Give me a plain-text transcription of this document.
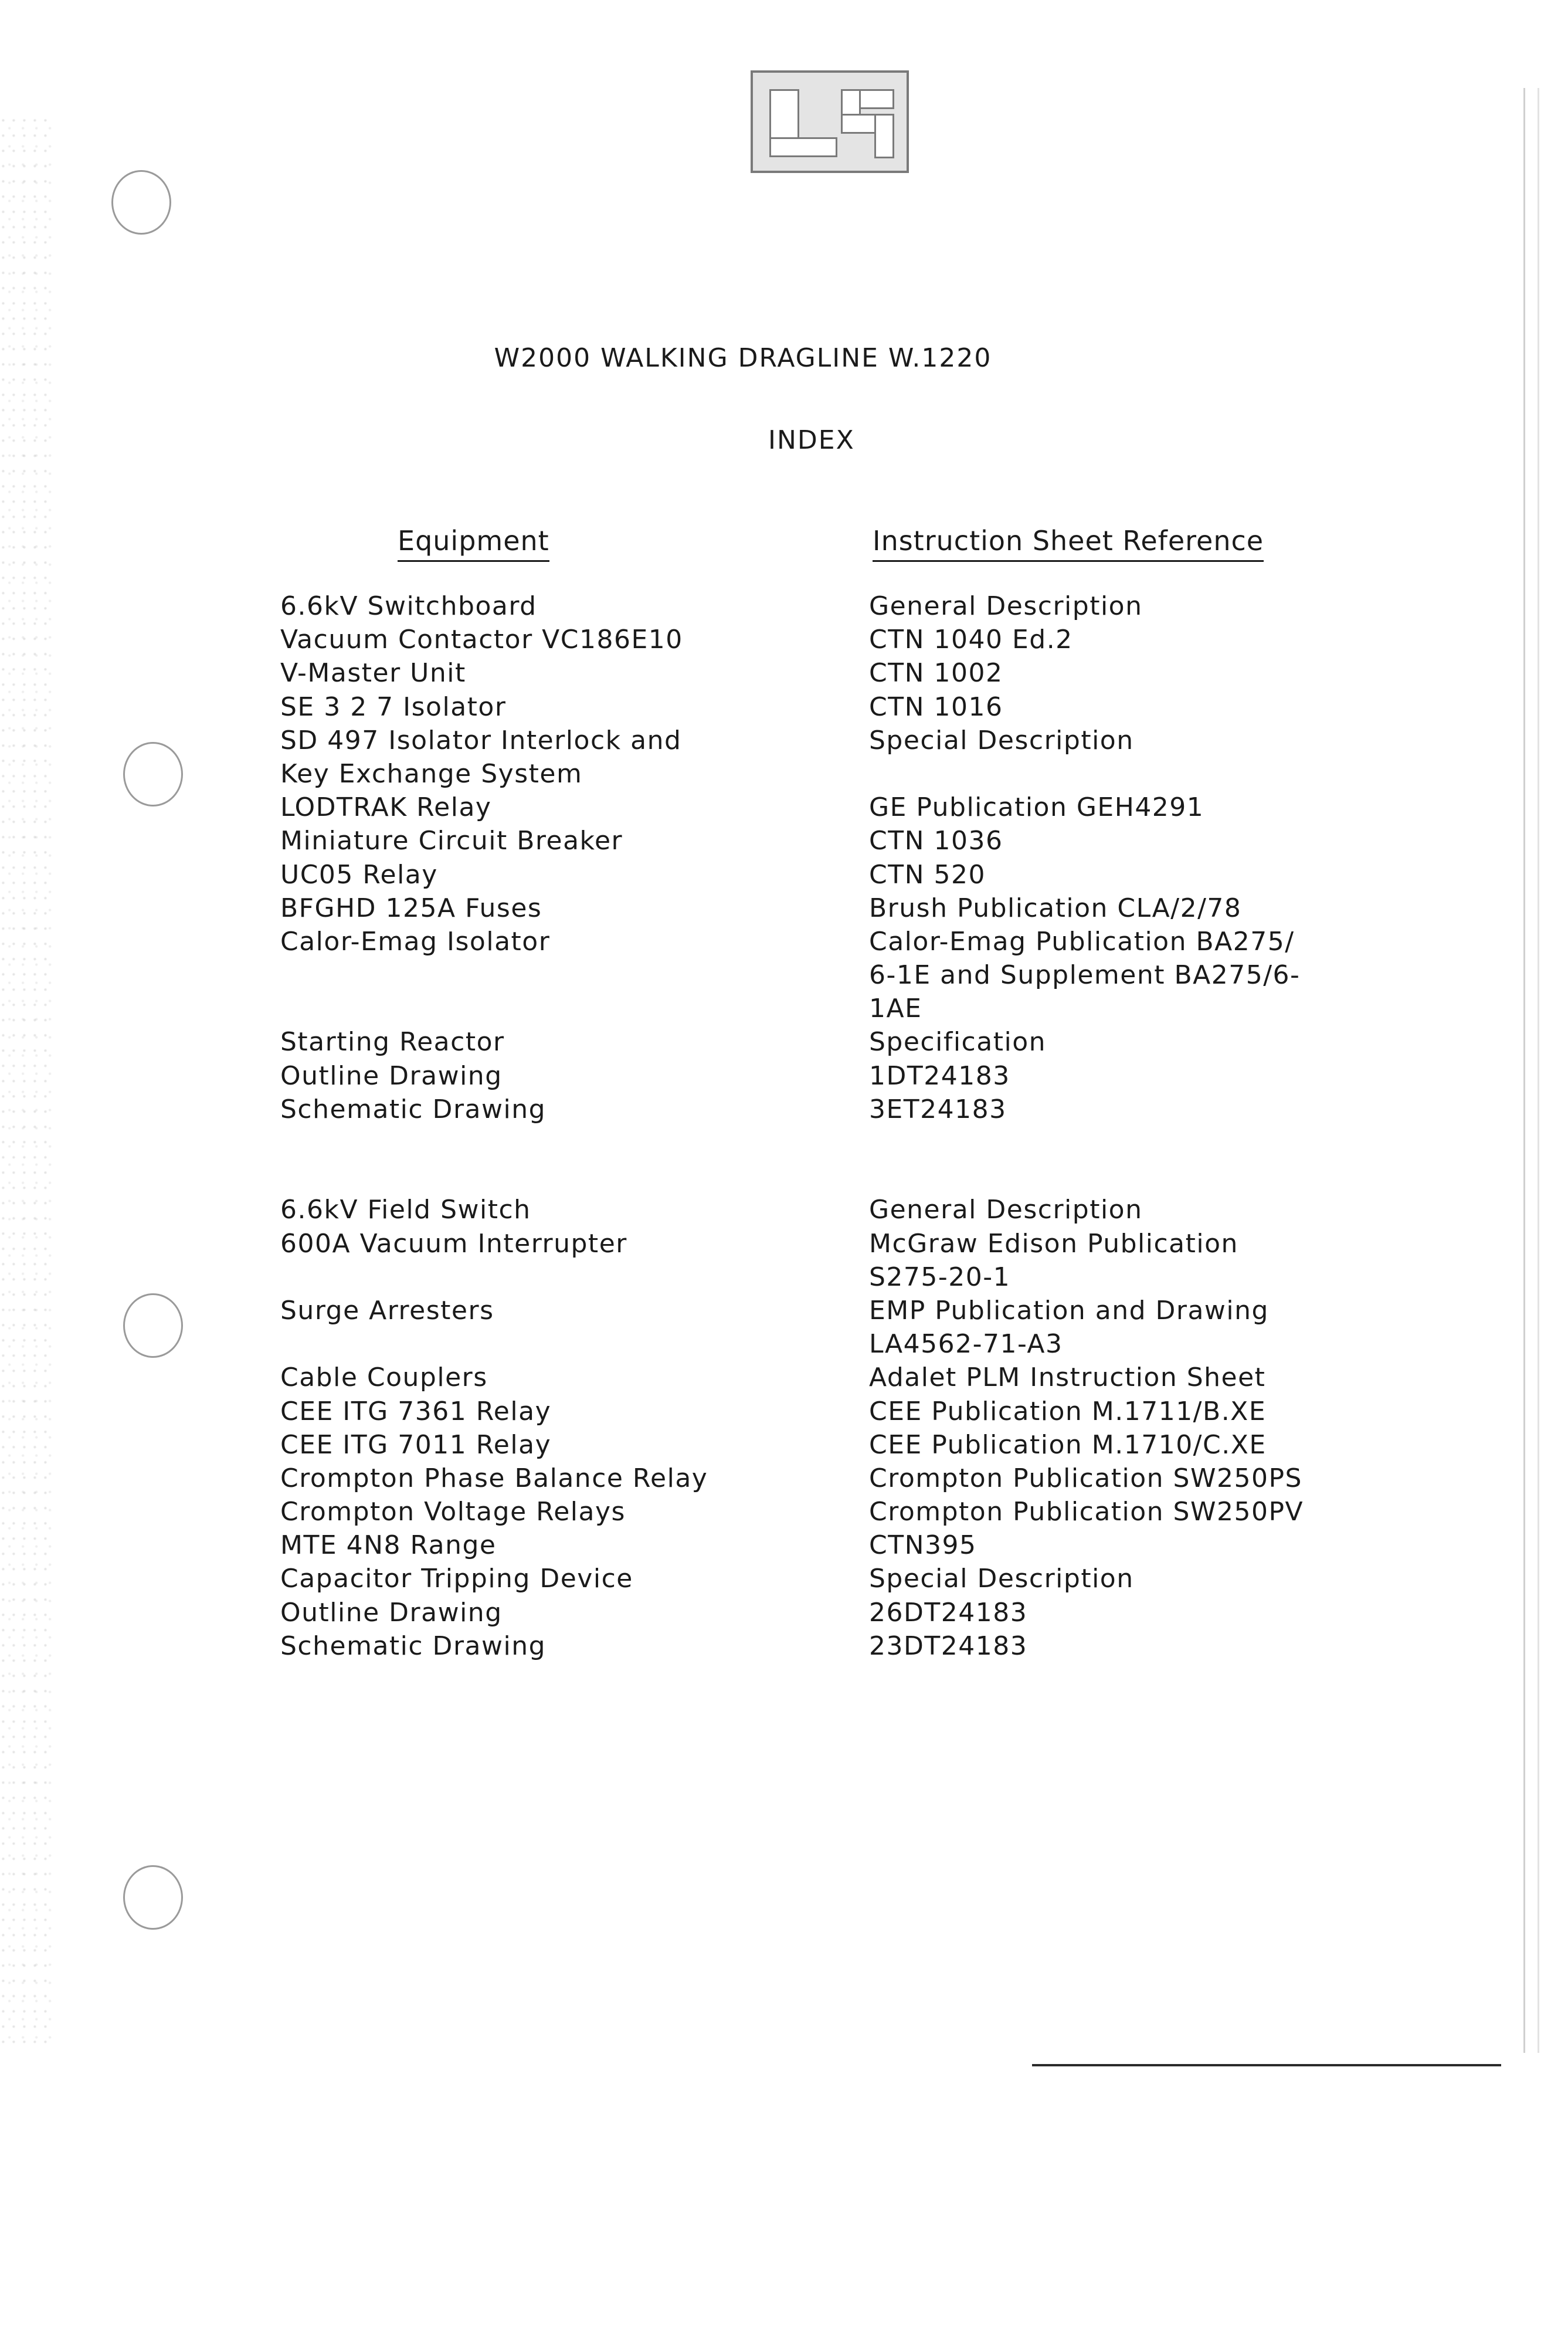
W2000 WALKING DRAGLINE W.1220
INDEX
Equipment	Instruction Sheet Reference
6.6kV Switchboard
Vacuum Contactor VC186E10
V-Master Unit
SE 3 2 7 Isolator
SD 497 Isolator Interlock and
Key Exchange System
LODTRAK Relay
Miniature Circuit Breaker
UC05 Relay
BFGHD 125A Fuses
Calor-Emag Isolator
Starting Reactor
Outline Drawing
Schematic Drawing
6.6kV Field Switch
600A Vacuum Interrupter
Surge Arresters
Cable Couplers
CEE ITG 7361 Relay
CEE ITG 7011 Relay
Crompton Phase Balance Relay
Crompton Voltage Relays
MTE 4N8 Range
Capacitor Tripping Device
Outline Drawing
Schematic Drawing
General Description
CTN 1040 Ed.2
CTN 1002
CTN 1016
Special Description
GE Publication GEH4291
CTN 1036
CTN 520
Brush Publication CLA/2/78
Calor-Emag Publication BA275/
6-1E and Supplement BA275/6-
1AE
Specification
1DT24183
3ET24183
General Description
McGraw Edison Publication
S275-20-1
EMP Publication and Drawing
LA4562-71-A3
Adalet PLM Instruction Sheet
CEE Publication M.1711/B.XE
CEE Publication M.1710/C.XE
Crompton Publication SW250PS
Crompton Publication SW250PV
CTN395
Special Description
26DT24183
23DT24183
